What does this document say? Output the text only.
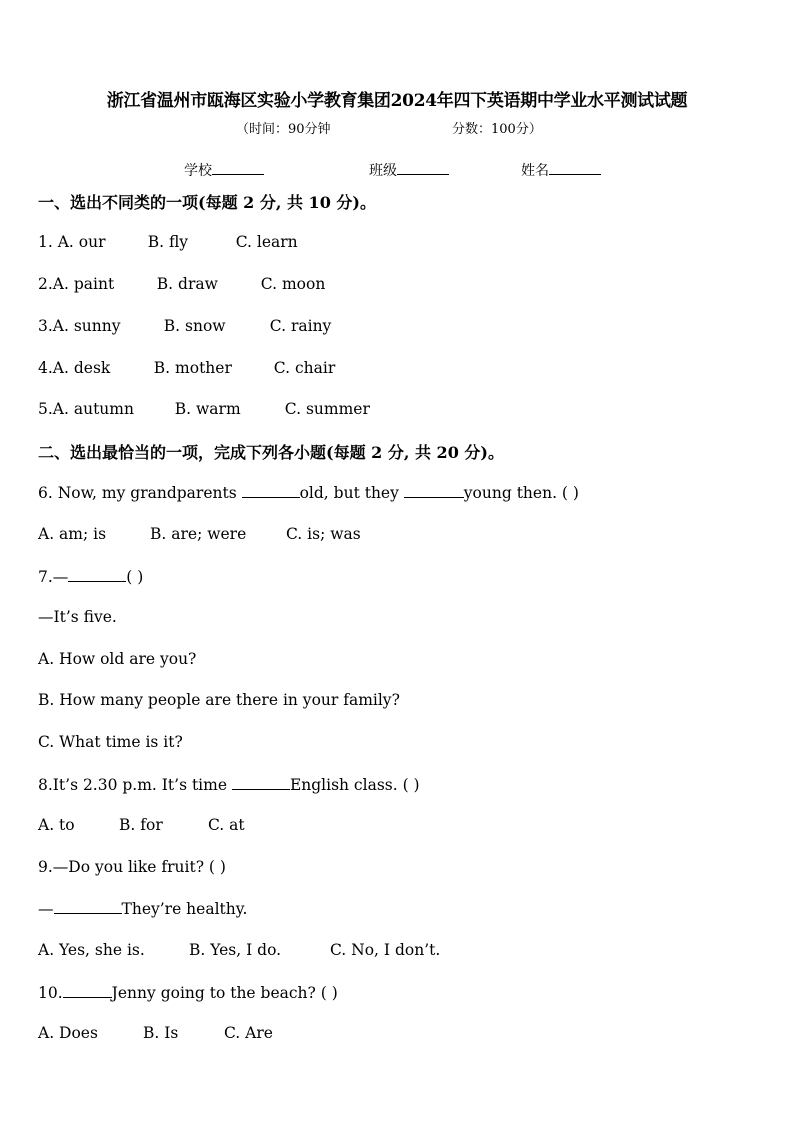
浙江省温州市瓯海区实验小学教育集团2024年四下英语期中学业水平测试试题
（时间：90分钟	分数：100分）
学校	班级	姓名
一、选出不同类的一项(每题 2 分, 共 10 分)。
1. A. our	B. fly	C. learn
2.A. paint	B. draw	C. moon
3.A. sunny	B. snow	C. rainy
4.A. desk	B. mother	C. chair
5.A. autumn	B. warm	C. summer
二、选出最恰当的一项，完成下列各小题(每题 2 分, 共 20 分)。
6. Now, my grandparents	old, but they	young then. ( )
A. am; is	B. are; were	C. is; was
7.—	( )
—It’s five.
A. How old are you?
B. How many people are there in your family?
C. What time is it?
8.It’s 2.30 p.m. It’s time	English class. ( )
A. to	B. for	C. at
9.—Do you like fruit? ( )
—	They’re healthy.
A. Yes, she is.	B. Yes, I do.	C. No, I don’t.
10.	Jenny going to the beach? ( )
A. Does	B. Is	C. Are
